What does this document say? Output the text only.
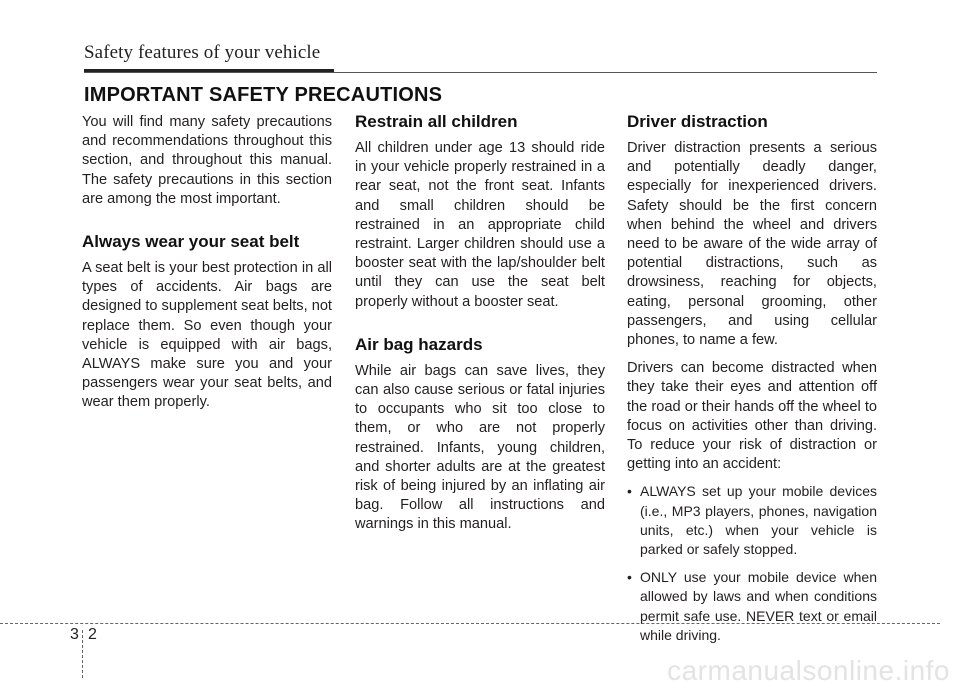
Safety features of your vehicle
IMPORTANT SAFETY PRECAUTIONS

You will find many safety precautions and recommendations throughout this section, and throughout this manual. The safety precautions in this section are among the most important.

Always wear your seat belt

A seat belt is your best protection in all types of accidents. Air bags are designed to supplement seat belts, not replace them. So even though your vehicle is equipped with air bags, ALWAYS make sure you and your passengers wear your seat belts, and wear them properly.

Restrain all children

All children under age 13 should ride in your vehicle properly restrained in a rear seat, not the front seat. Infants and small children should be restrained in an appropriate child restraint. Larger children should use a booster seat with the lap/shoulder belt until they can use the seat belt properly without a booster seat.

Air bag hazards

While air bags can save lives, they can also cause serious or fatal injuries to occupants who sit too close to them, or who are not properly restrained. Infants, young children, and shorter adults are at the greatest risk of being injured by an inflating air bag. Follow all instructions and warnings in this manual.

Driver distraction

Driver distraction presents a serious and potentially deadly danger, especially for inexperienced drivers. Safety should be the first concern when behind the wheel and drivers need to be aware of the wide array of potential distractions, such as drowsiness, reaching for objects, eating, personal grooming, other passengers, and using cellular phones, to name a few.

Drivers can become distracted when they take their eyes and attention off the road or their hands off the wheel to focus on activities other than driving. To reduce your risk of distraction or getting into an accident:

• ALWAYS set up your mobile devices (i.e., MP3 players, phones, navigation units, etc.) when your vehicle is parked or safely stopped.
• ONLY use your mobile device when allowed by laws and when conditions permit safe use. NEVER text or email while driving.
3 2
carmanualsonline.info
